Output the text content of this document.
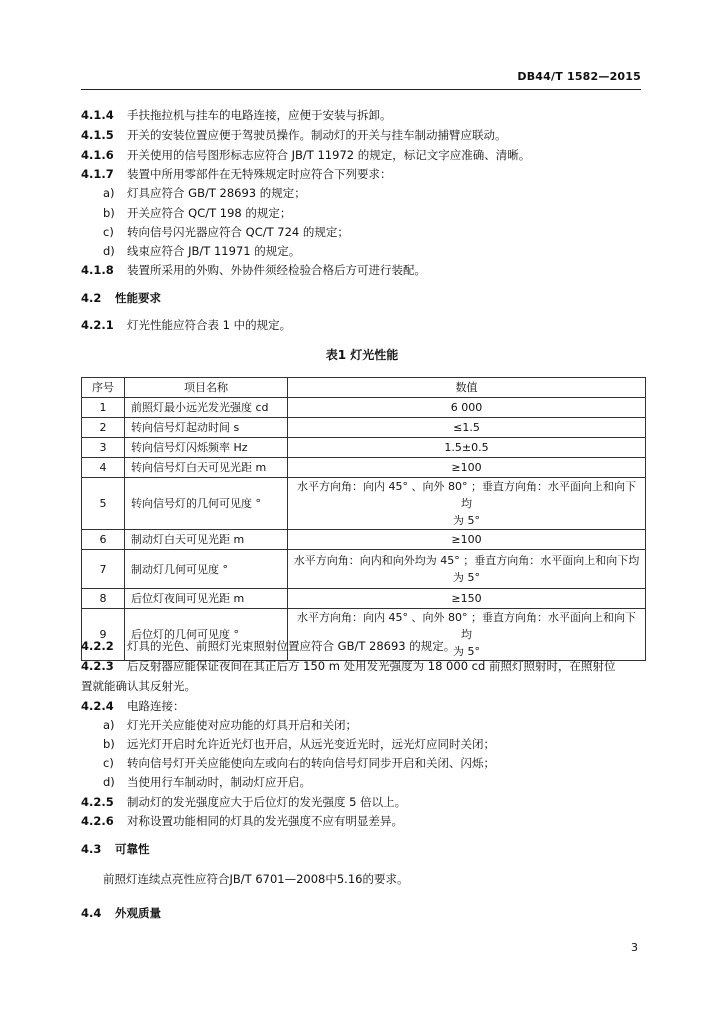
DB44/T 1582—2015
4.1.4 手扶拖拉机与挂车的电路连接，应便于安装与拆卸。
4.1.5 开关的安装位置应便于驾驶员操作。制动灯的开关与挂车制动捕臂应联动。
4.1.6 开关使用的信号图形标志应符合 JB/T 11972 的规定，标记文字应准确、清晰。
4.1.7 装置中所用零部件在无特殊规定时应符合下列要求：
a) 灯具应符合 GB/T 28693 的规定；
b) 开关应符合 QC/T 198 的规定；
c) 转向信号闪光器应符合 QC/T 724 的规定；
d) 线束应符合 JB/T 11971 的规定。
4.1.8 装置所采用的外购、外协件须经检验合格后方可进行装配。
4.2 性能要求
4.2.1 灯光性能应符合表 1 中的规定。
表1 灯光性能
序号	项目名称	数值
1	前照灯最小远光发光强度 cd	6 000
2	转向信号灯起动时间 s	≤1.5
3	转向信号灯闪烁频率 Hz	1.5±0.5
4	转向信号灯白天可见光距 m	≥100
5	转向信号灯的几何可见度 °	水平方向角：向内 45° 、向外 80° ；垂直方向角：水平面向上和向下均
为 5°

6	制动灯白天可见光距 m	≥100
7	制动灯几何可见度 °	水平方向角：向内和向外均为 45° ；垂直方向角：水平面向上和向下均
为 5°

8	后位灯夜间可见光距 m	≥150
9	后位灯的几何可见度 °	水平方向角：向内 45° 、向外 80° ；垂直方向角：水平面向上和向下均
为 5°
4.2.2 灯具的光色、前照灯光束照射位置应符合 GB/T 28693 的规定。
4.2.3 后反射器应能保证夜间在其正后方 150 m 处用发光强度为 18 000 cd 前照灯照射时，在照射位
置就能确认其反射光。
4.2.4 电路连接：
a) 灯光开关应能使对应功能的灯具开启和关闭；
b) 远光灯开启时允许近光灯也开启，从远光变近光时，远光灯应同时关闭；
c) 转向信号灯开关应能使向左或向右的转向信号灯同步开启和关闭、闪烁；
d) 当使用行车制动时，制动灯应开启。
4.2.5 制动灯的发光强度应大于后位灯的发光强度 5 倍以上。
4.2.6 对称设置功能相同的灯具的发光强度不应有明显差异。
4.3 可靠性
前照灯连续点亮性应符合JB/T 6701—2008中5.16的要求。
4.4 外观质量
3
